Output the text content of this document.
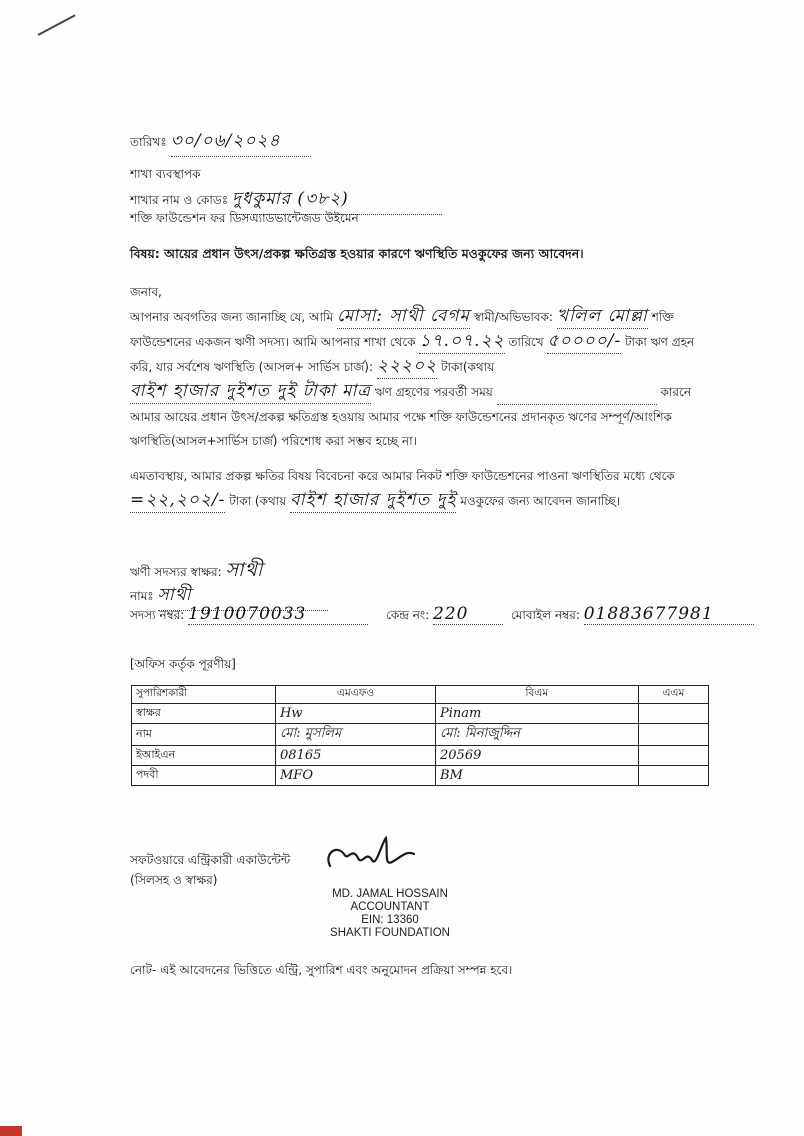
তারিখঃ ৩০/০৬/২০২৪
শাখা ব্যবস্থাপক
শাখার নাম ও কোডঃ দুধকুমার (৩৮২)
শক্তি ফাউন্ডেশন ফর ডিসএ্যাডভান্টেজড উইমেন
বিষয়: আয়ের প্রধান উৎস/প্রকল্প ক্ষতিগ্রস্ত হওয়ার কারণে ঋণস্থিতি মওকুফের জন্য আবেদন।
জনাব,
আপনার অবগতির জন্য জানাচ্ছি যে, আমি মোসা: সাথী বেগম স্বামী/অভিভাবক: খলিল মোল্লা শক্তি ফাউন্ডেশনের একজন ঋণী সদস্য। আমি আপনার শাখা থেকে ১৭.০৭.২২ তারিখে ৫০০০০/- টাকা ঋণ গ্রহন করি, যার সর্বশেষ ঋণস্থিতি (আসল+ সার্ভিস চার্জ): ২২২০২ টাকা(কথায় বাইশ হাজার দুইশত দুই টাকা মাত্র ঋণ গ্রহণের পরবর্তী সময়	কারনে আমার আয়ের প্রধান উৎস/প্রকল্প ক্ষতিগ্রস্ত হওয়ায় আমার পক্ষে শক্তি ফাউন্ডেশনের প্রদানকৃত ঋণের সম্পূর্ণ/আংশিক ঋণস্থিতি(আসল+সার্ভিস চার্জ) পরিশোধ করা সম্ভব হচ্ছে না।
এমতাবস্থায়, আমার প্রকল্প ক্ষতির বিষয় বিবেচনা করে আমার নিকট শক্তি ফাউন্ডেশনের পাওনা ঋণস্থিতির মধ্যে থেকে =২২,২০২/- টাকা (কথায় বাইশ হাজার দুইশত দুই মওকুফের জন্য আবেদন জানাচ্ছি।
ঋণী সদস্যর স্বাক্ষর: সাথী
নামঃ সাথী
সদস্য নম্বর: 1910070033	কেন্দ্র নং: 220	মোবাইল নম্বর: 01883677981
[অফিস কর্তৃক পূরণীয়]
সুপারিশকারী	এমএফও	বিএম	এএম
স্বাক্ষর	Hw	Pinam	
নাম	মো: মুসলিম	মো: মিনাজুদ্দিন	
ইআইএন	08165	20569	
পদবী	MFO	BM	
সফটওয়ারে এন্ট্রিকারী একাউন্টেন্ট
(সিলসহ ও স্বাক্ষর)
MD. JAMAL HOSSAIN
ACCOUNTANT
EIN: 13360
SHAKTI FOUNDATION
নোট- এই আবেদনের ভিত্তিতে এন্ট্রি, সুপারিশ এবং অনুমোদন প্রক্রিয়া সম্পন্ন হবে।
